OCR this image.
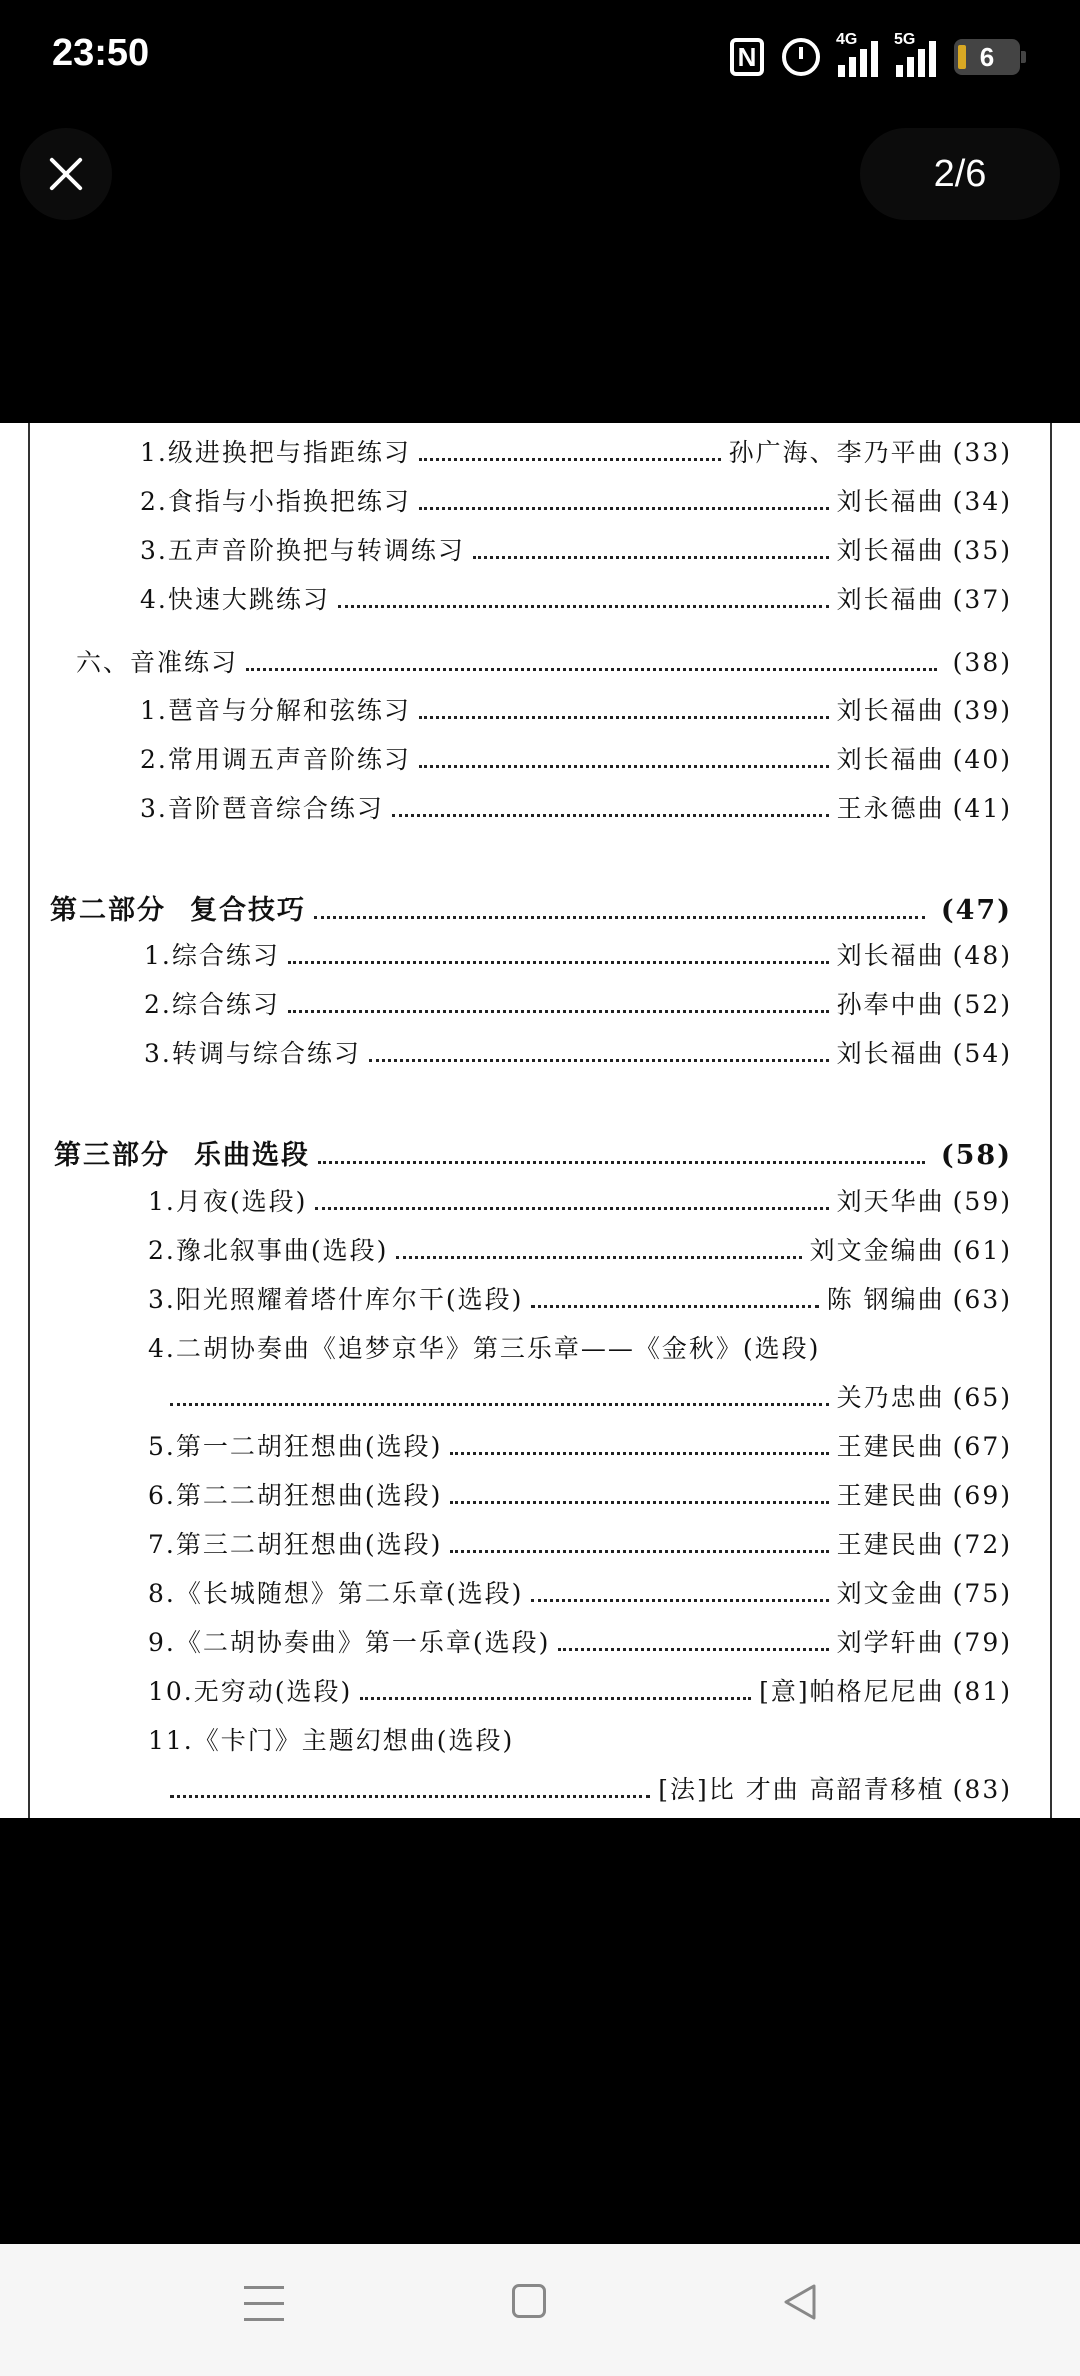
23:50	N
4G 5G
6
2/6
1. 级进换把与指距练习	孙广海、李乃平曲 (33)
2. 食指与小指换把练习	刘长福曲 (34)
3. 五声音阶换把与转调练习	刘长福曲 (35)
4. 快速大跳练习	刘长福曲 (37)
六、 音准练习	(38)
1. 琶音与分解和弦练习	刘长福曲 (39)
2. 常用调五声音阶练习	刘长福曲 (40)
3. 音阶琶音综合练习	王永德曲 (41)
第二部分 复合技巧	(47)
1. 综合练习	刘长福曲 (48)
2. 综合练习	孙奉中曲 (52)
3. 转调与综合练习	刘长福曲 (54)
第三部分 乐曲选段	(58)
1. 月夜(选段)	刘天华曲 (59)
2. 豫北叙事曲(选段)	刘文金编曲 (61)
3. 阳光照耀着塔什库尔干(选段)	陈 钢编曲 (63)
4.二胡协奏曲《追梦京华》第三乐章——《金秋》(选段)
关乃忠曲 (65)
5. 第一二胡狂想曲(选段)	王建民曲 (67)
6. 第二二胡狂想曲(选段)	王建民曲 (69)
7. 第三二胡狂想曲(选段)	王建民曲 (72)
8. 《长城随想》第二乐章(选段)	刘文金曲 (75)
9. 《二胡协奏曲》第一乐章(选段)	刘学轩曲 (79)
10. 无穷动(选段)	[意]帕格尼尼曲 (81)
11.《卡门》主题幻想曲(选段)
[法]比 才曲 高韶青移植 (83)
